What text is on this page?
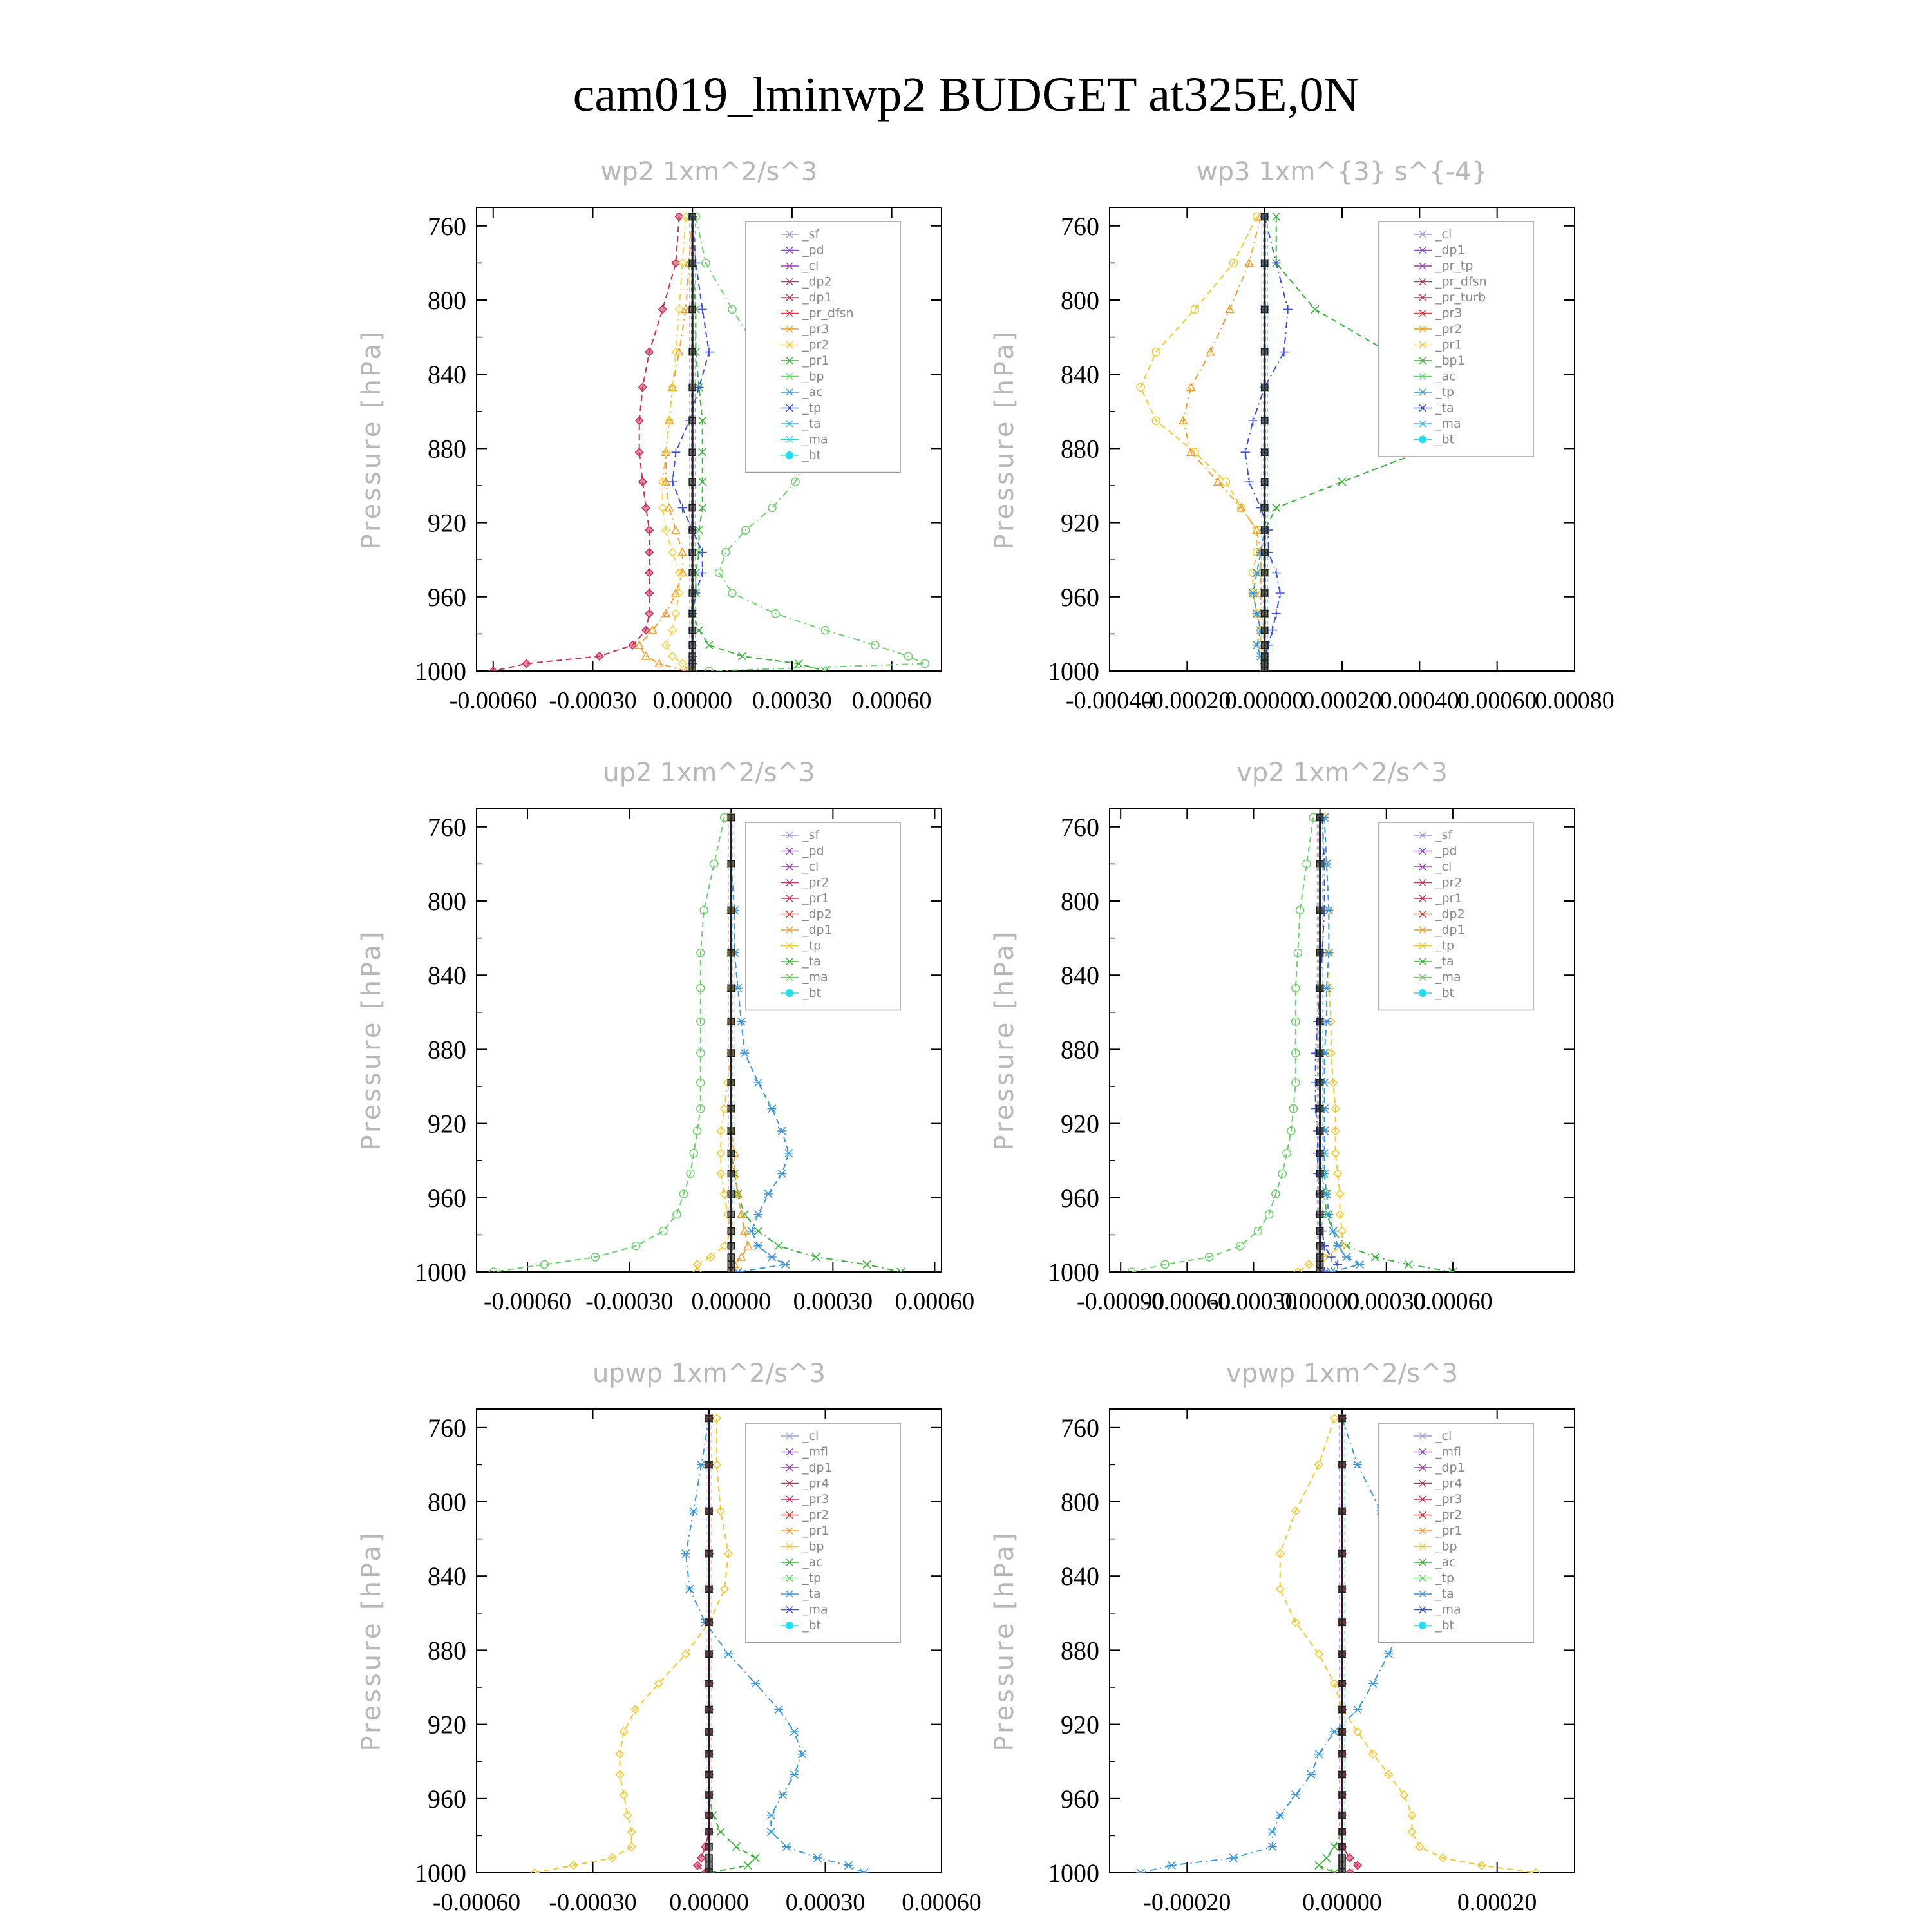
cam019_lminwp2 BUDGET at325E,0N
wp2 1xm^2/s^3
Pressure [hPa]
760
800
840
880
920
960
1000
-0.00060 -0.00030 0.00000 0.00030 0.00060
_sf
_pd
_cl
_dp2
_dp1
_pr_dfsn
_pr3
_pr2
_pr1
_bp
_ac
_tp
_ta
_ma
_bt
wp3 1xm^{3} s^{-4}
Pressure [hPa]
760
800
840
880
920
960
1000
-0.00040
-0.00020
0.00000
0.00020
0.00040
0.00060
0.00080
_cl
_dp1
_pr_tp
_pr_dfsn
_pr_turb
_pr3
_pr2
_pr1
_bp1
_ac
_tp
_ta
_ma
_bt
up2 1xm^2/s^3
Pressure [hPa]
760
800
840
880
920
960
1000
-0.00060 -0.00030 0.00000 0.00030 0.00060
_sf
_pd
_cl
_pr2
_pr1
_dp2
_dp1
_tp
_ta
_ma
_bt
vp2 1xm^2/s^3
Pressure [hPa]
760
800
840
880
920
960
1000
-0.00090
-0.00060
-0.00030
0.00000
0.00030
0.00060
_sf
_pd
_cl
_pr2
_pr1
_dp2
_dp1
_tp
_ta
_ma
_bt
upwp 1xm^2/s^3
Pressure [hPa]
760
800
840
880
920
960
1000
-0.00060 -0.00030 0.00000 0.00030 0.00060
_cl
_mfl
_dp1
_pr4
_pr3
_pr2
_pr1
_bp
_ac
_tp
_ta
_ma
_bt
vpwp 1xm^2/s^3
Pressure [hPa]
760
800
840
880
920
960
1000
-0.00020	0.00000	0.00020
_cl
_mfl
_dp1
_pr4
_pr3
_pr2
_pr1
_bp
_ac
_tp
_ta
_ma
_bt
